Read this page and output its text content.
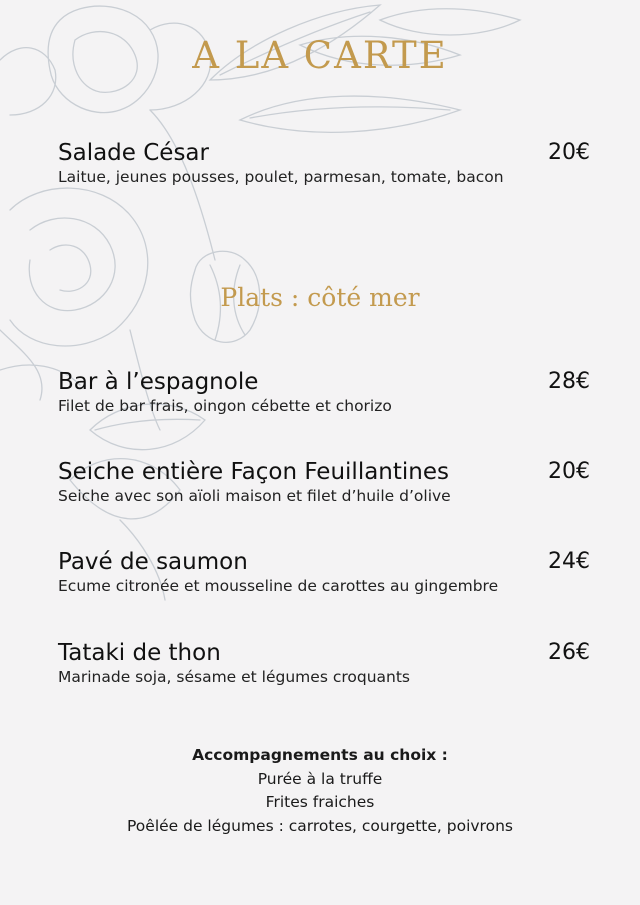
A LA CARTE
Salade César	20€
Laitue, jeunes pousses, poulet, parmesan, tomate, bacon
Plats : côté mer
Bar à l’espagnole	28€
Filet de bar frais, oingon cébette et chorizo
Seiche entière Façon Feuillantines	20€
Seiche avec son aïoli maison et filet d’huile d’olive
Pavé de saumon	24€
Ecume citronée et mousseline de carottes au gingembre
Tataki de thon	26€
Marinade soja, sésame et légumes croquants
Accompagnements au choix :
Purée à la truffe
Frites fraiches
Poêlée de légumes : carrotes, courgette, poivrons
